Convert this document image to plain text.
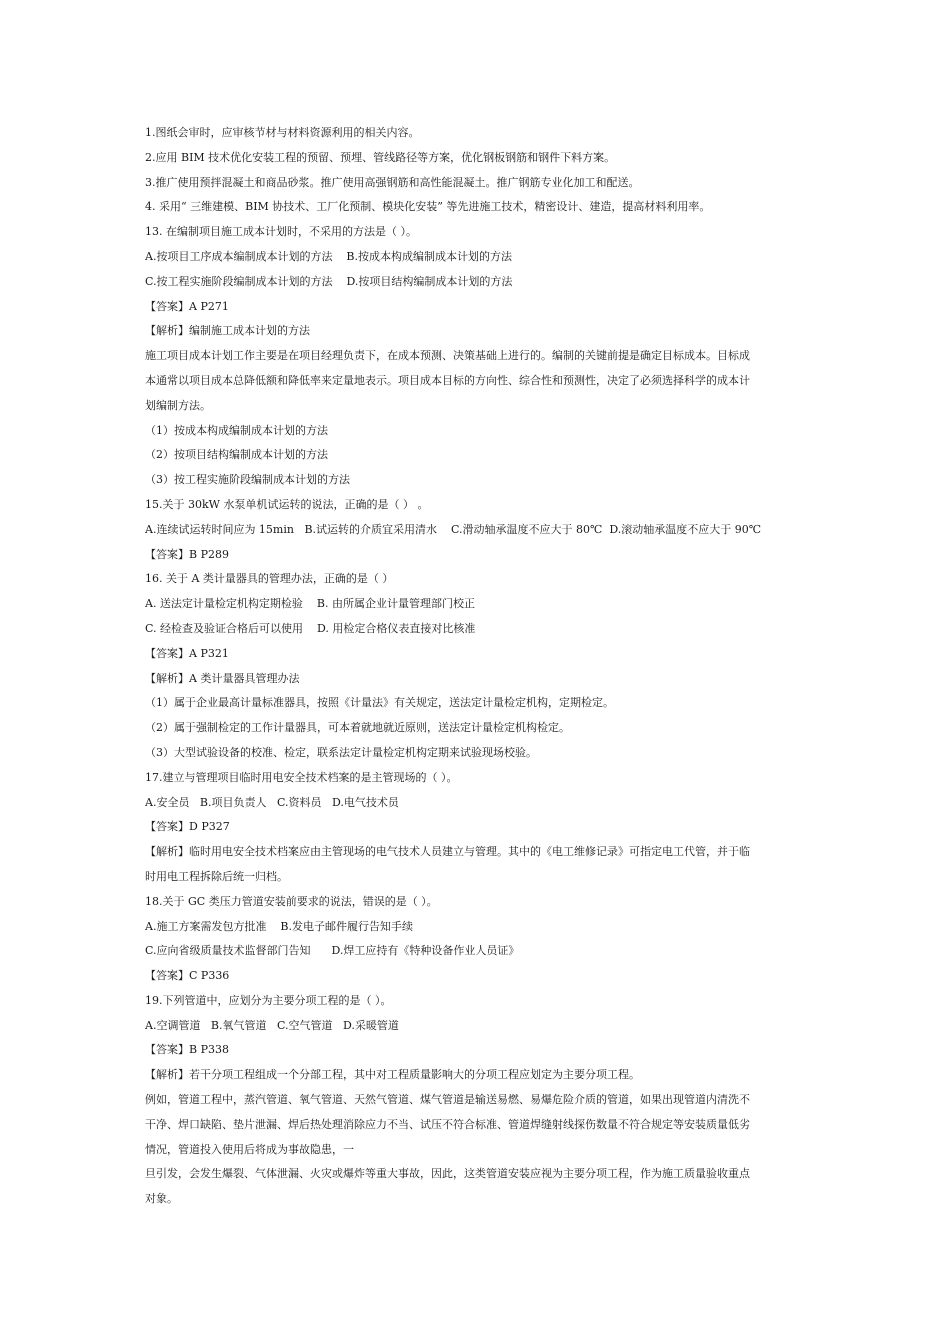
1.图纸会审时，应审核节材与材料资源利用的相关内容。
2.应用 BIM 技术优化安装工程的预留、预埋、管线路径等方案，优化钢板钢筋和钢件下料方案。
3.推广使用预拌混凝土和商品砂浆。推广使用高强钢筋和高性能混凝土。推广钢筋专业化加工和配送。
4. 采用“ 三维建模、BIM 协技术、工厂化预制、模块化安装” 等先进施工技术，精密设计、建造，提高材料利用率。
13. 在编制项目施工成本计划时，不采用的方法是（ ）。
A.按项目工序成本编制成本计划的方法    B.按成本构成编制成本计划的方法
C.按工程实施阶段编制成本计划的方法    D.按项目结构编制成本计划的方法
【答案】A P271
【解析】编制施工成本计划的方法
施工项目成本计划工作主要是在项目经理负责下，在成本预测、决策基础上进行的。编制的关键前提是确定目标成本。目标成
本通常以项目成本总降低额和降低率来定量地表示。项目成本目标的方向性、综合性和预测性，决定了必须选择科学的成本计
划编制方法。
（1）按成本构成编制成本计划的方法
（2）按项目结构编制成本计划的方法
（3）按工程实施阶段编制成本计划的方法
15.关于 30kW 水泵单机试运转的说法，正确的是（ ） 。
A.连续试运转时间应为 15min   B.试运转的介质宜采用清水    C.滑动轴承温度不应大于 80℃  D.滚动轴承温度不应大于 90℃
【答案】B P289
16. 关于 A 类计量器具的管理办法，正确的是（ ）
A. 送法定计量检定机构定期检验    B. 由所属企业计量管理部门校正
C. 经检查及验证合格后可以使用    D. 用检定合格仪表直接对比核准
【答案】A P321
【解析】A 类计量器具管理办法
（1）属于企业最高计量标准器具，按照《计量法》有关规定，送法定计量检定机构，定期检定。
（2）属于强制检定的工作计量器具，可本着就地就近原则，送法定计量检定机构检定。
（3）大型试验设备的校准、检定，联系法定计量检定机构定期来试验现场校验。
17.建立与管理项目临时用电安全技术档案的是主管现场的（ ）。
A.安全员   B.项目负责人   C.资料员   D.电气技术员
【答案】D P327
【解析】临时用电安全技术档案应由主管现场的电气技术人员建立与管理。其中的《电工维修记录》可指定电工代管，并于临
时用电工程拆除后统一归档。
18.关于 GC 类压力管道安装前要求的说法，错误的是（ ）。
A.施工方案需发包方批准    B.发电子邮件履行告知手续
C.应向省级质量技术监督部门告知      D.焊工应持有《特种设备作业人员证》
【答案】C P336
19.下列管道中，应划分为主要分项工程的是（ ）。
A.空调管道   B.氧气管道   C.空气管道   D.采暖管道
【答案】B P338
【解析】若干分项工程组成一个分部工程，其中对工程质量影响大的分项工程应划定为主要分项工程。
例如，管道工程中，蒸汽管道、氧气管道、天然气管道、煤气管道是输送易燃、易爆危险介质的管道，如果出现管道内清洗不
干净、焊口缺陷、垫片泄漏、焊后热处理消除应力不当、试压不符合标准、管道焊缝射线探伤数量不符合规定等安装质量低劣
情况，管道投入使用后将成为事故隐患，一
旦引发，会发生爆裂、气体泄漏、火灾或爆炸等重大事故，因此，这类管道安装应视为主要分项工程，作为施工质量验收重点
对象。
